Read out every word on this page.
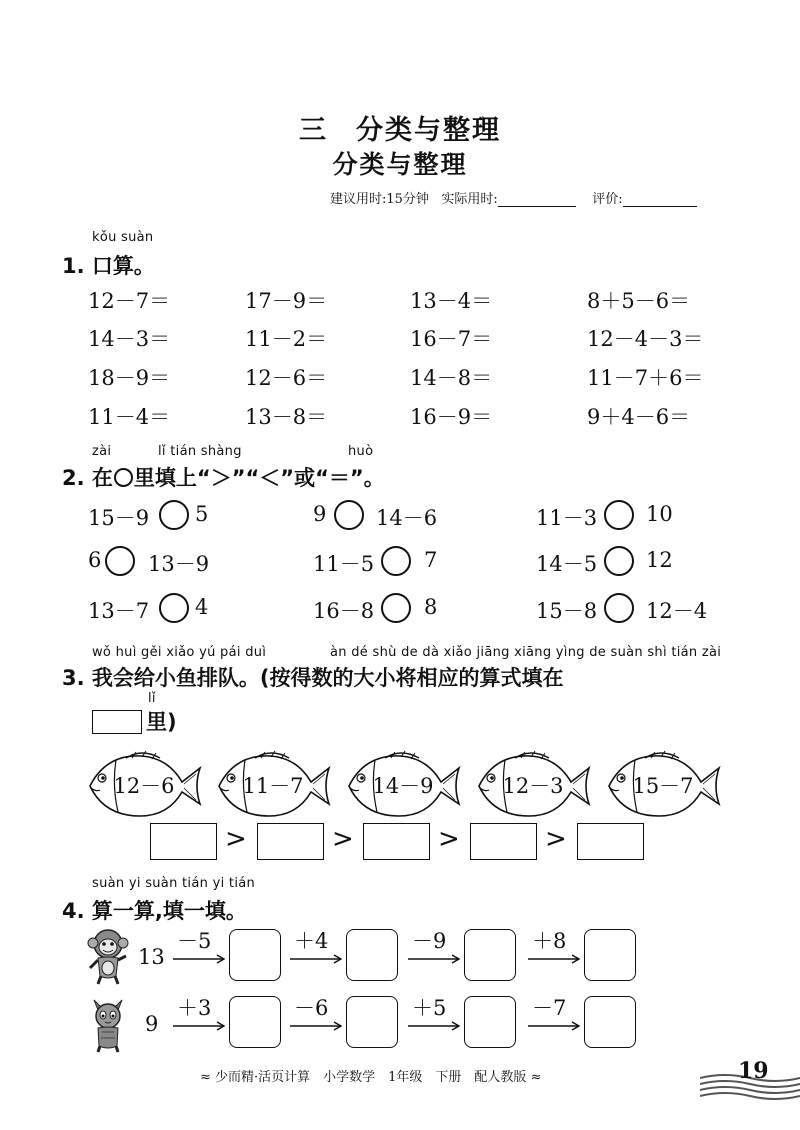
三 分类与整理
分类与整理
建议用时:15分钟 实际用时:	评价:
kǒu suàn
1. 口算。
12－7＝	17－9＝	13－4＝	8＋5－6＝
14－3＝	11－2＝	16－7＝	12－4－3＝
18－9＝	12－6＝	14－8＝	11－7＋6＝
11－4＝	13－8＝	16－9＝	9＋4－6＝
zài	lǐ tián shàng	huò
2. 在 里填上“＞”“＜”或“＝”。
15－9 5	9 14－6	11－3 10
6 13－9	11－5 7	14－5 12
13－7 4	16－8 8	15－8 12－4
wǒ huì gěi xiǎo yú pái duì	àn dé shù de dà xiǎo jiāng xiāng yìng de suàn shì tián zài
3. 我会给小鱼排队。(按得数的大小将相应的算式填在
lǐ
里)
12－6	11－7	14－9	12－3	15－7
>	>	>	>
suàn yi suàn tián yi tián
4. 算一算,填一填。
13
－5	＋4	－9	＋8
9
＋3	－6	＋5	－7
≈ 少而精·活页计算　小学数学　1年级　下册　配人教版 ≈	19
